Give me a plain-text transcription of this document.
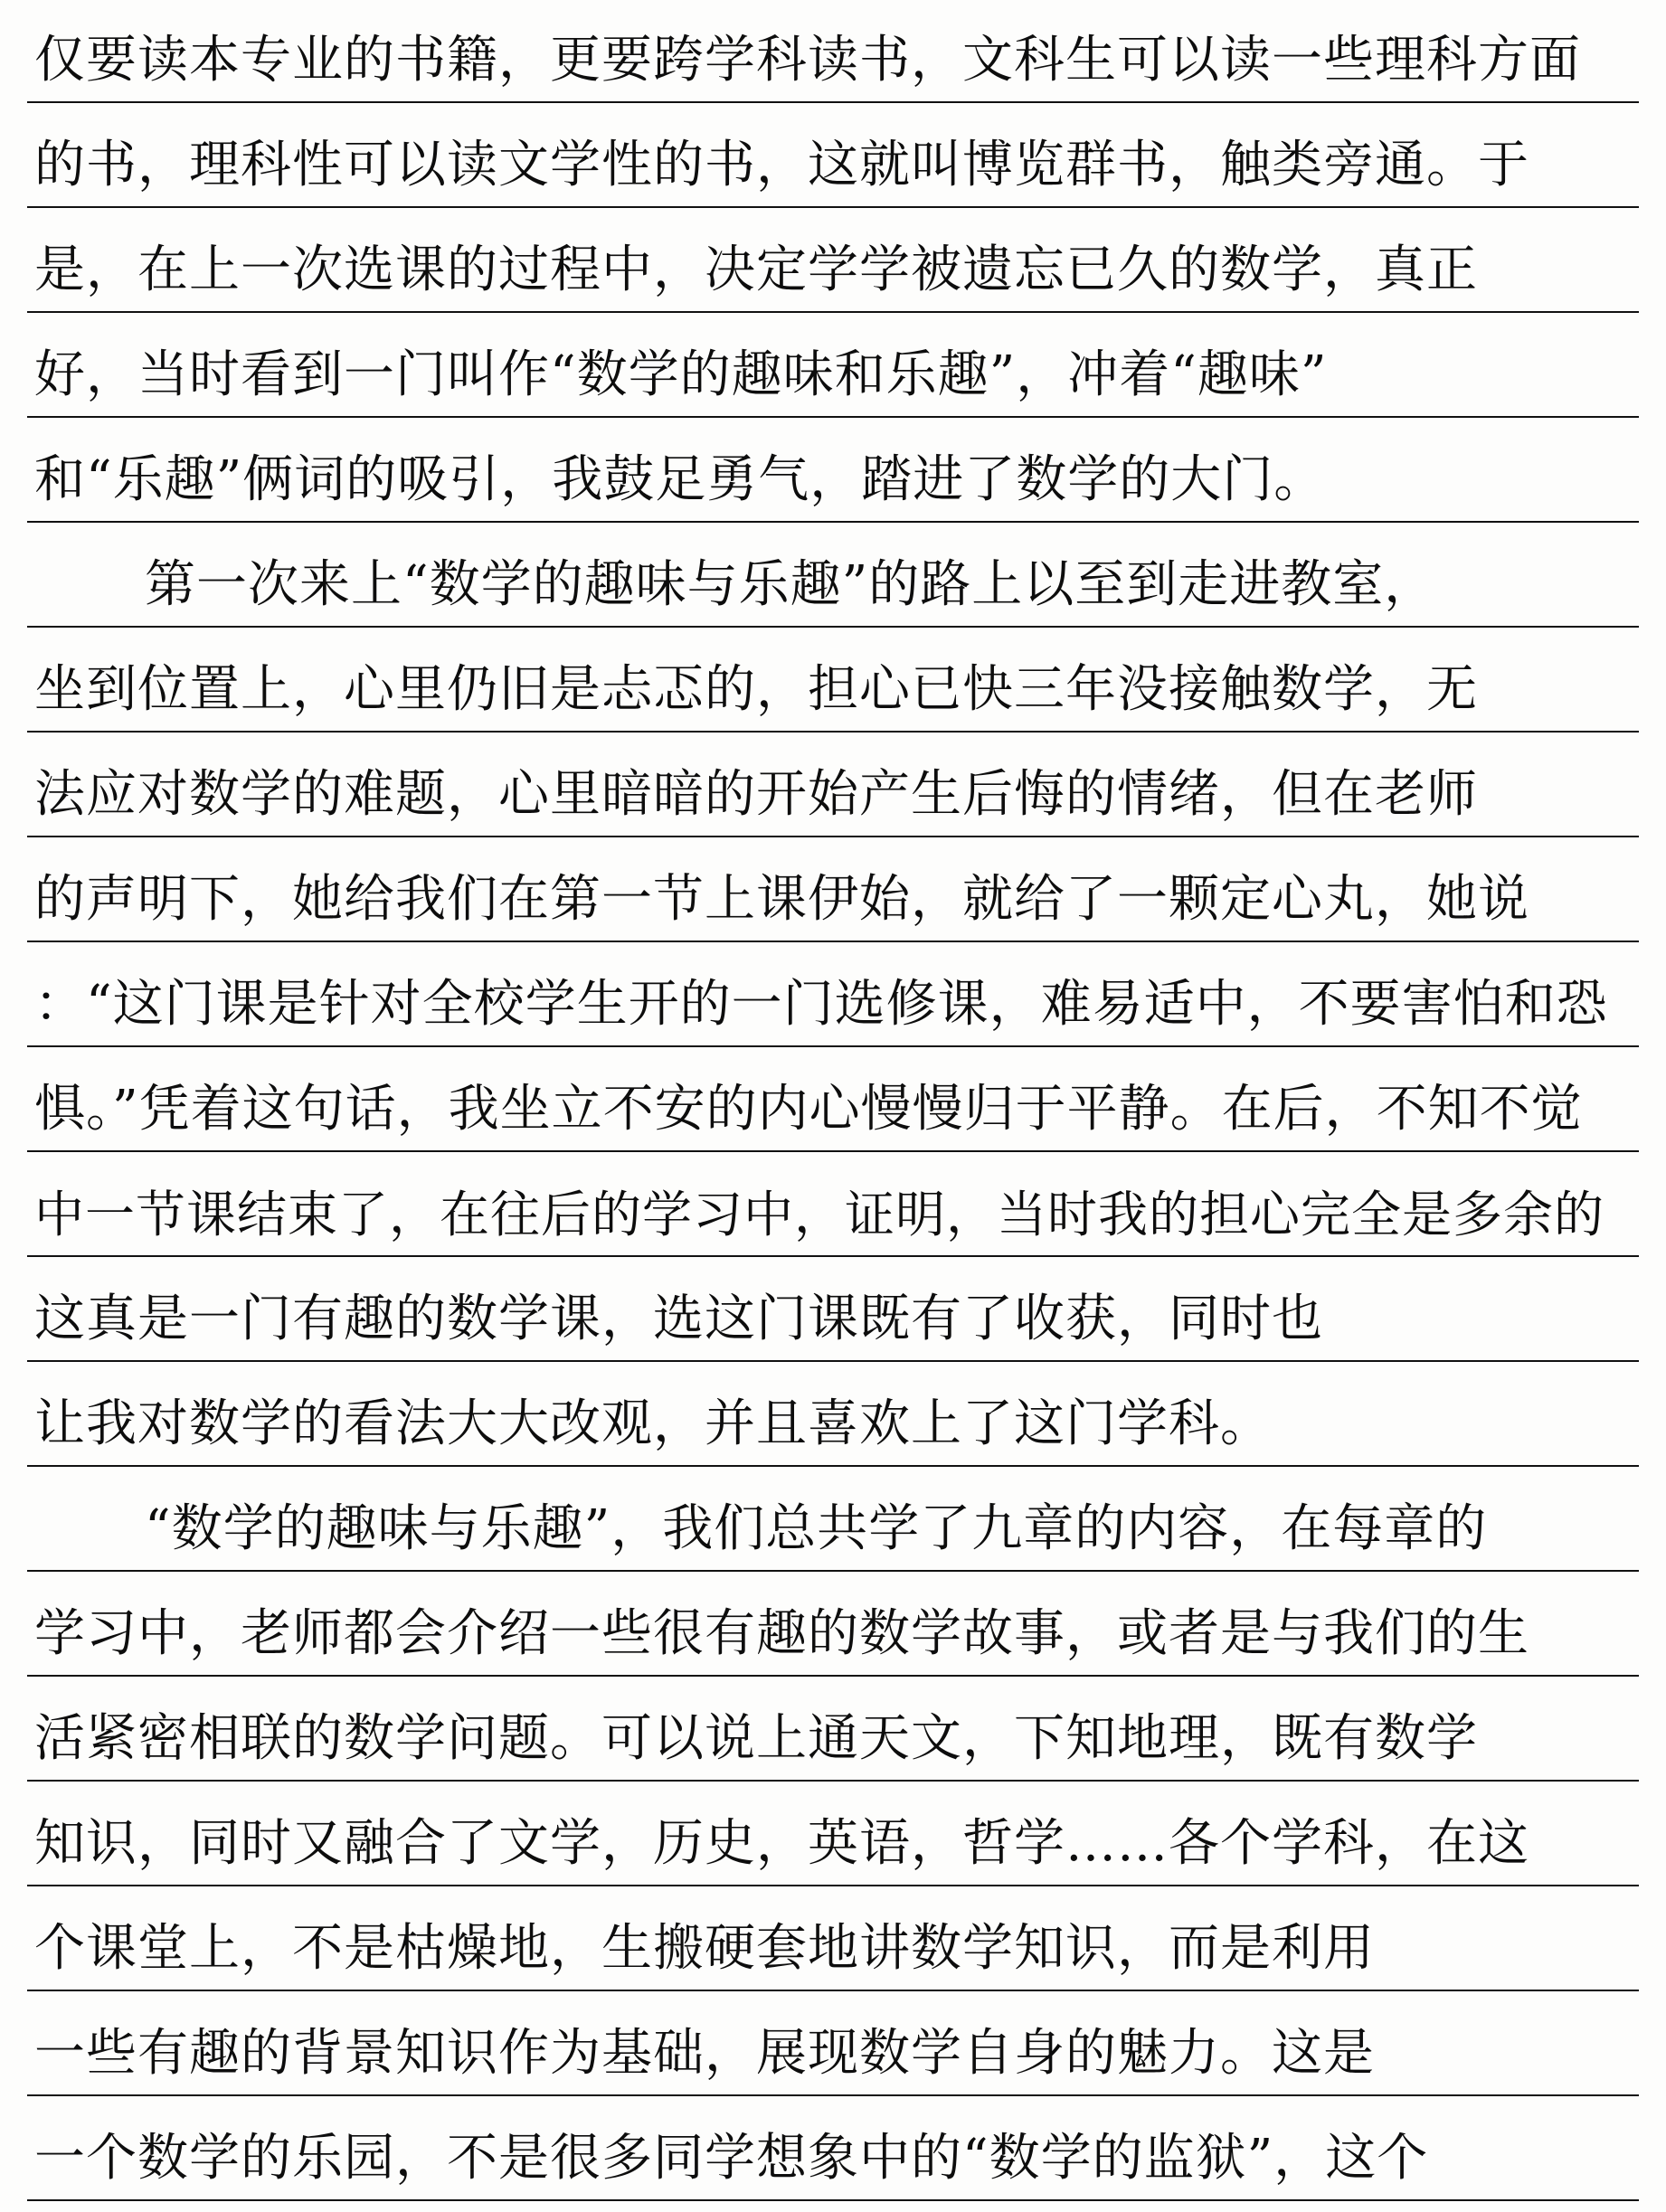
仅要读本专业的书籍，更要跨学科读书，文科生可以读一些理科方面
的书，理科性可以读文学性的书，这就叫博览群书，触类旁通。于
是，在上一次选课的过程中，决定学学被遗忘已久的数学，真正
好，当时看到一门叫作“数学的趣味和乐趣”，冲着“趣味”
和“乐趣”俩词的吸引，我鼓足勇气，踏进了数学的大门。
第一次来上“数学的趣味与乐趣”的路上以至到走进教室，
坐到位置上，心里仍旧是忐忑的，担心已快三年没接触数学，无
法应对数学的难题，心里暗暗的开始产生后悔的情绪，但在老师
的声明下，她给我们在第一节上课伊始，就给了一颗定心丸，她说
：“这门课是针对全校学生开的一门选修课，难易适中，不要害怕和恐
惧。”凭着这句话，我坐立不安的内心慢慢归于平静。在后，不知不觉
中一节课结束了，在往后的学习中，证明，当时我的担心完全是多余的
这真是一门有趣的数学课，选这门课既有了收获，同时也
让我对数学的看法大大改观，并且喜欢上了这门学科。
“数学的趣味与乐趣”，我们总共学了九章的内容，在每章的
学习中，老师都会介绍一些很有趣的数学故事，或者是与我们的生
活紧密相联的数学问题。可以说上通天文，下知地理，既有数学
知识，同时又融合了文学，历史，英语，哲学……各个学科，在这
个课堂上，不是枯燥地，生搬硬套地讲数学知识，而是利用
一些有趣的背景知识作为基础，展现数学自身的魅力。这是
一个数学的乐园，不是很多同学想象中的“数学的监狱”，这个
